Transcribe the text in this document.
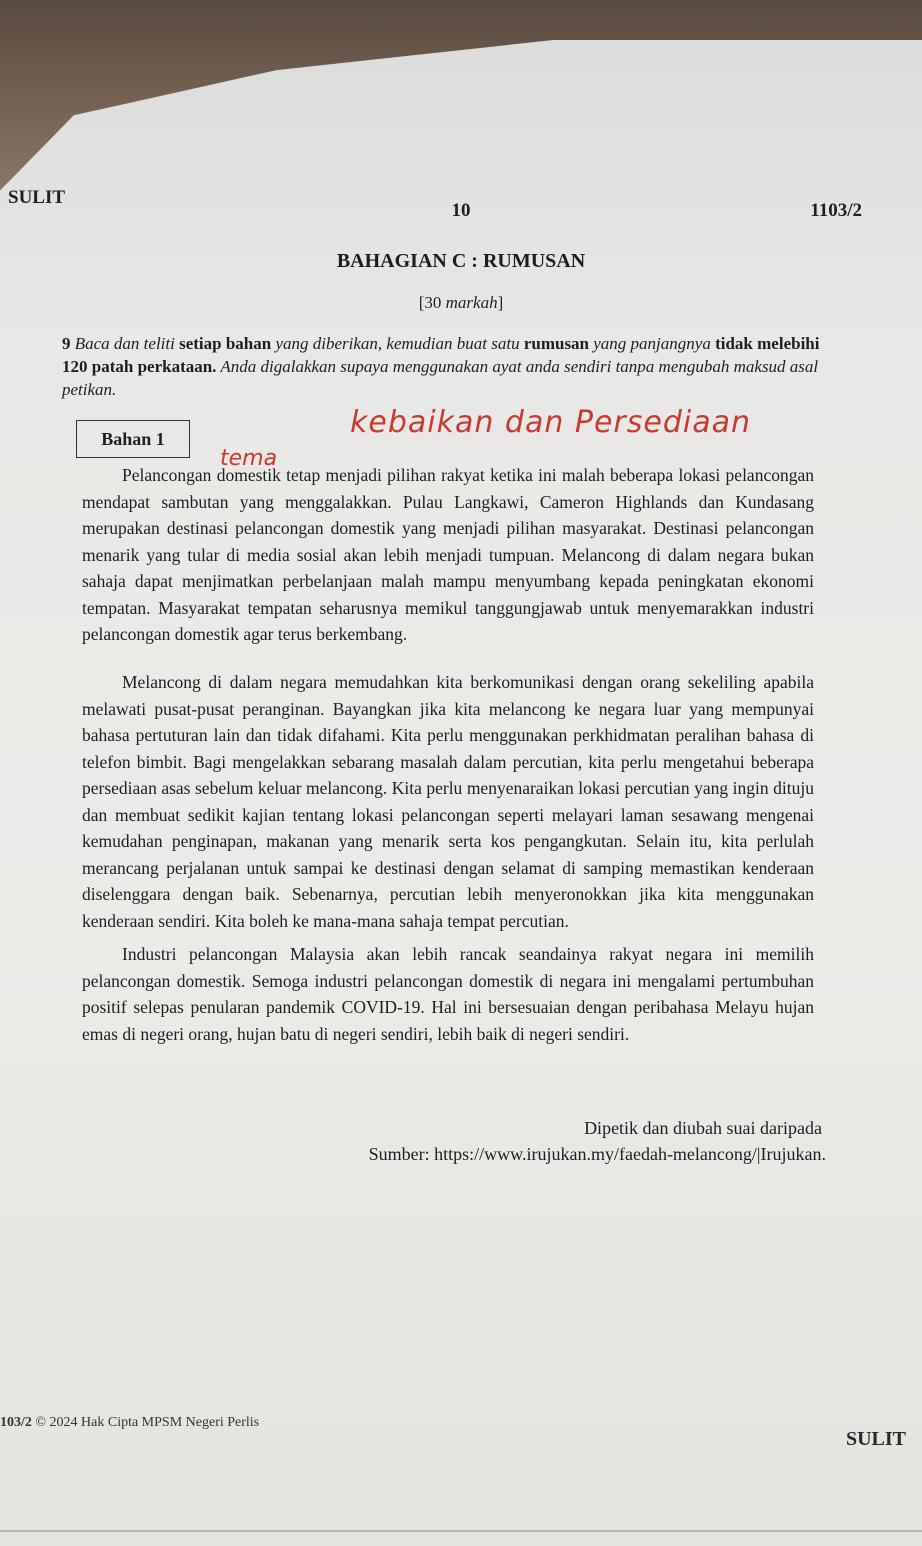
SULIT
10	1103/2
BAHAGIAN C : RUMUSAN
[30 markah]
9 Baca dan teliti setiap bahan yang diberikan, kemudian buat satu rumusan yang panjangnya tidak melebihi 120 patah perkataan. Anda digalakkan supaya menggunakan ayat anda sendiri tanpa mengubah maksud asal petikan.
Bahan 1	kebaikan dan Persediaan
tema

Pelancongan domestik tetap menjadi pilihan rakyat ketika ini malah beberapa lokasi pelancongan mendapat sambutan yang menggalakkan. Pulau Langkawi, Cameron Highlands dan Kundasang merupakan destinasi pelancongan domestik yang menjadi pilihan masyarakat. Destinasi pelancongan menarik yang tular di media sosial akan lebih menjadi tumpuan. Melancong di dalam negara bukan sahaja dapat menjimatkan perbelanjaan malah mampu menyumbang kepada peningkatan ekonomi tempatan. Masyarakat tempatan seharusnya memikul tanggungjawab untuk menyemarakkan industri pelancongan domestik agar terus berkembang.

Melancong di dalam negara memudahkan kita berkomunikasi dengan orang sekeliling apabila melawati pusat-pusat peranginan. Bayangkan jika kita melancong ke negara luar yang mempunyai bahasa pertuturan lain dan tidak difahami. Kita perlu menggunakan perkhidmatan peralihan bahasa di telefon bimbit. Bagi mengelakkan sebarang masalah dalam percutian, kita perlu mengetahui beberapa persediaan asas sebelum keluar melancong. Kita perlu menyenaraikan lokasi percutian yang ingin dituju dan membuat sedikit kajian tentang lokasi pelancongan seperti melayari laman sesawang mengenai kemudahan penginapan, makanan yang menarik serta kos pengangkutan. Selain itu, kita perlulah merancang perjalanan untuk sampai ke destinasi dengan selamat di samping memastikan kenderaan diselenggara dengan baik. Sebenarnya, percutian lebih menyeronokkan jika kita menggunakan kenderaan sendiri. Kita boleh ke mana-mana sahaja tempat percutian.

Industri pelancongan Malaysia akan lebih rancak seandainya rakyat negara ini memilih pelancongan domestik. Semoga industri pelancongan domestik di negara ini mengalami pertumbuhan positif selepas penularan pandemik COVID-19. Hal ini bersesuaian dengan peribahasa Melayu hujan emas di negeri orang, hujan batu di negeri sendiri, lebih baik di negeri sendiri.

Dipetik dan diubah suai daripada
Sumber: https://www.irujukan.my/faedah-melancong/|Irujukan.
103/2 © 2024 Hak Cipta MPSM Negeri Perlis
SULIT
